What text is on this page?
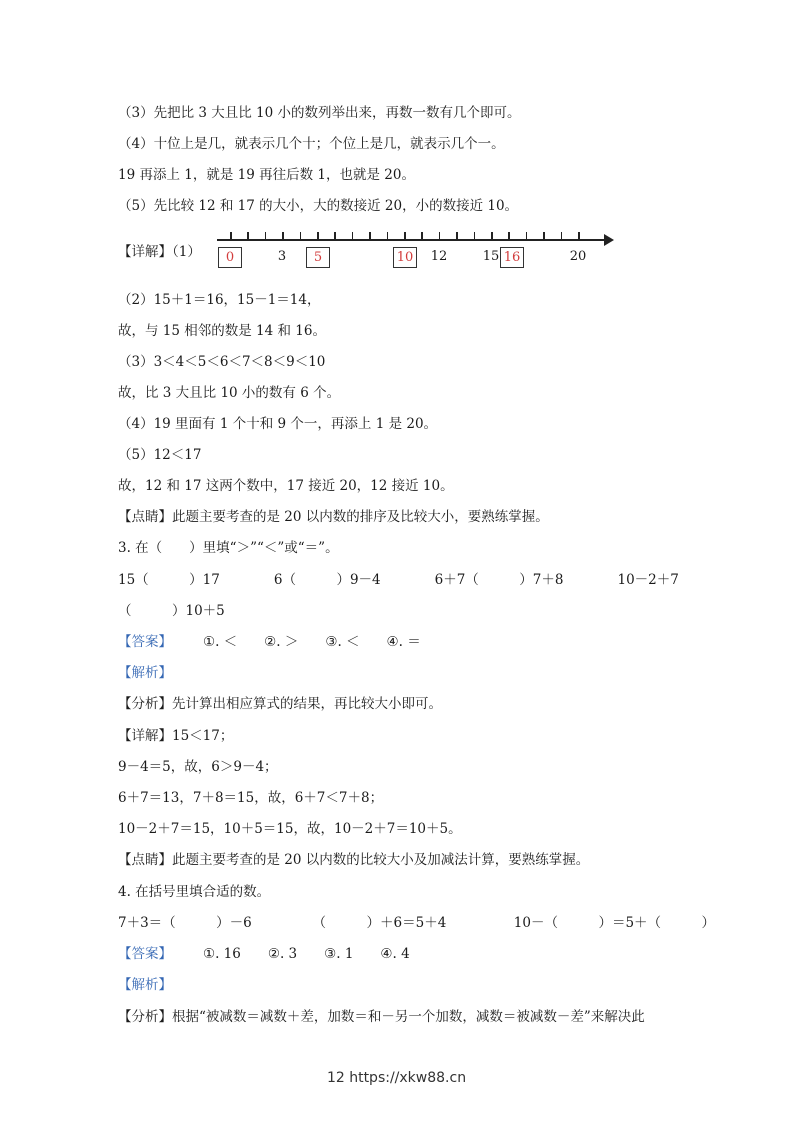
（3）先把比 3 大且比 10 小的数列举出来，再数一数有几个即可。
（4）十位上是几，就表示几个十；个位上是几，就表示几个一。
19 再添上 1，就是 19 再往后数 1，也就是 20。
（5）先比较 12 和 17 的大小，大的数接近 20，小的数接近 10。
【详解】（1）	3	12	15	20
0	5	10	16
（2）15＋1＝16，15－1＝14，
故，与 15 相邻的数是 14 和 16。
（3）3＜4＜5＜6＜7＜8＜9＜10
故，比 3 大且比 10 小的数有 6 个。
（4）19 里面有 1 个十和 9 个一，再添上 1 是 20。
（5）12＜17
故，12 和 17 这两个数中，17 接近 20，12 接近 10。
【点睛】此题主要考查的是 20 以内数的排序及比较大小，要熟练掌握。
3. 在（　　）里填“＞”“＜”或“＝”。
15（　　　）17　　　　6（　　　）9－4　　　　6＋7（　　　）7＋8　　　　10－2＋7
（　　　）10＋5
【答案】 ①. ＜　　②. ＞　　③. ＜　　④. ＝
【解析】
【分析】先计算出相应算式的结果，再比较大小即可。
【详解】15＜17；
9－4＝5，故，6＞9－4；
6＋7＝13，7＋8＝15，故，6＋7＜7＋8；
10－2＋7＝15，10＋5＝15，故，10－2＋7＝10＋5。
【点睛】此题主要考查的是 20 以内数的比较大小及加减法计算，要熟练掌握。
4. 在括号里填合适的数。
7＋3＝（　　　）－6　　　　　（　　　）＋6＝5＋4　　　　　10－（　　　）＝5＋（　　　）
【答案】 ①. 16　　②. 3　　③. 1　　④. 4
【解析】
【分析】根据“被减数＝减数＋差，加数＝和－另一个加数，减数＝被减数－差”来解决此
12 https://xkw88.cn
